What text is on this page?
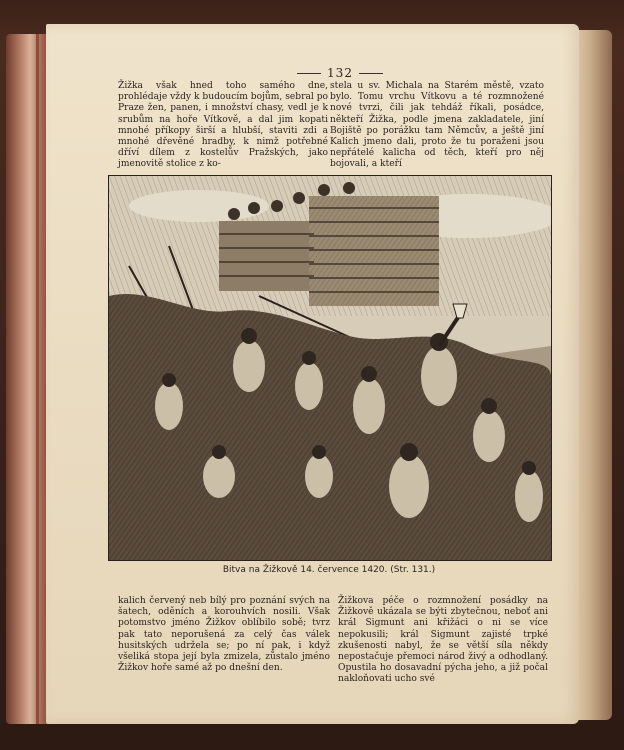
132

Žižka však hned toho samého dne, prohlédaje vždy k budoucím bojům, sebral po Praze žen, panen, i množství chasy, vedl je k srubům na hoře Vítkově, a dal jim kopati mnohé příkopy širší a hlubší, staviti zdi a mnohé dřevěné hradby, k nimž potřebné dříví dílem z kostelův Pražských, jako jmenovitě stolice z ko-

stela u sv. Michala na Starém městě, vzato bylo. Tomu vrchu Vítkovu a té rozmnožené nové tvrzi, čili jak tehdáž říkali, posádce, někteří Žižka, podle jmena zakladatele, jiní Bojiště po porážku tam Němcův, a ještě jiní Kalich jmeno dali, proto že tu poraženi jsou nepřátelé kalicha od těch, kteří pro něj bojovali, a kteří

Bitva na Žižkově 14. července 1420. (Str. 131.)

kalich červený neb bílý pro poznání svých na šatech, oděních a korouhvích nosili. Však potomstvo jméno Žižkov oblíbilo sobě; tvrz pak tato neporušená za celý čas válek husitských udržela se; po ní pak, i když všeliká stopa její byla zmizela, zůstalo jméno Žižkov hoře samé až po dnešní den.

Žižkova péče o rozmnožení posádky na Žižkově ukázala se býti zbytečnou, neboť ani král Sigmunt ani křižáci o ni se více nepokusili; král Sigmunt zajisté trpké zkušenosti nabyl, že se větší síla někdy nepostačuje přemoci národ živý a odhodlaný. Opustila ho dosavadní pýcha jeho, a již počal nakloňovati ucho své
